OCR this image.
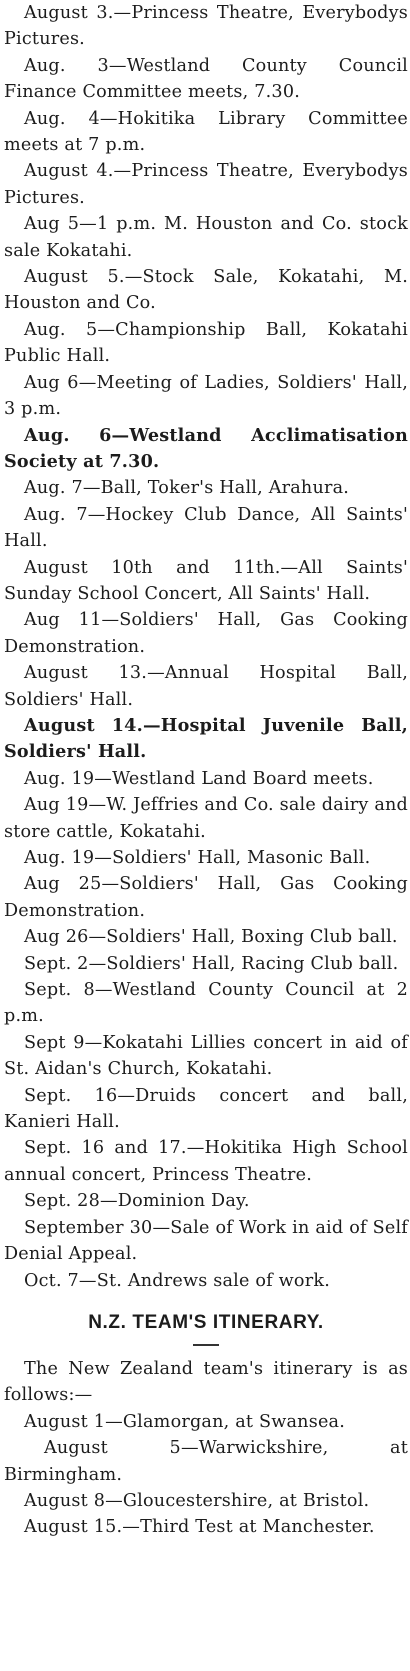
August 3.—Princess Theatre, Everybodys Pictures.

Aug. 3—Westland County Council Finance Committee meets, 7.30.

Aug. 4—Hokitika Library Committee meets at 7 p.m.

August 4.—Princess Theatre, Everybodys Pictures.

Aug 5—1 p.m. M. Houston and Co. stock sale Kokatahi.

August 5.—Stock Sale, Kokatahi, M. Houston and Co.

Aug. 5—Championship Ball, Kokatahi Public Hall.

Aug 6—Meeting of Ladies, Soldiers' Hall, 3 p.m.

Aug. 6—Westland Acclimatisation Society at 7.30.

Aug. 7—Ball, Toker's Hall, Arahura.

Aug. 7—Hockey Club Dance, All Saints' Hall.

August 10th and 11th.—All Saints' Sunday School Concert, All Saints' Hall.

Aug 11—Soldiers' Hall, Gas Cooking Demonstration.

August 13.—Annual Hospital Ball, Soldiers' Hall.

August 14.—Hospital Juvenile Ball, Soldiers' Hall.

Aug. 19—Westland Land Board meets.

Aug 19—W. Jeffries and Co. sale dairy and store cattle, Kokatahi.

Aug. 19—Soldiers' Hall, Masonic Ball.

Aug 25—Soldiers' Hall, Gas Cooking Demonstration.

Aug 26—Soldiers' Hall, Boxing Club ball.

Sept. 2—Soldiers' Hall, Racing Club ball.

Sept. 8—Westland County Council at 2 p.m.

Sept 9—Kokatahi Lillies concert in aid of St. Aidan's Church, Kokatahi.

Sept. 16—Druids concert and ball, Kanieri Hall.

Sept. 16 and 17.—Hokitika High School annual concert, Princess Theatre.

Sept. 28—Dominion Day.

September 30—Sale of Work in aid of Self Denial Appeal.

Oct. 7—St. Andrews sale of work.

N.Z. TEAM'S ITINERARY.

The New Zealand team's itinerary is as follows:—

August 1—Glamorgan, at Swansea.

August 5—Warwickshire, at Birmingham.

August 8—Gloucestershire, at Bristol.

August 15.—Third Test at Manchester.
